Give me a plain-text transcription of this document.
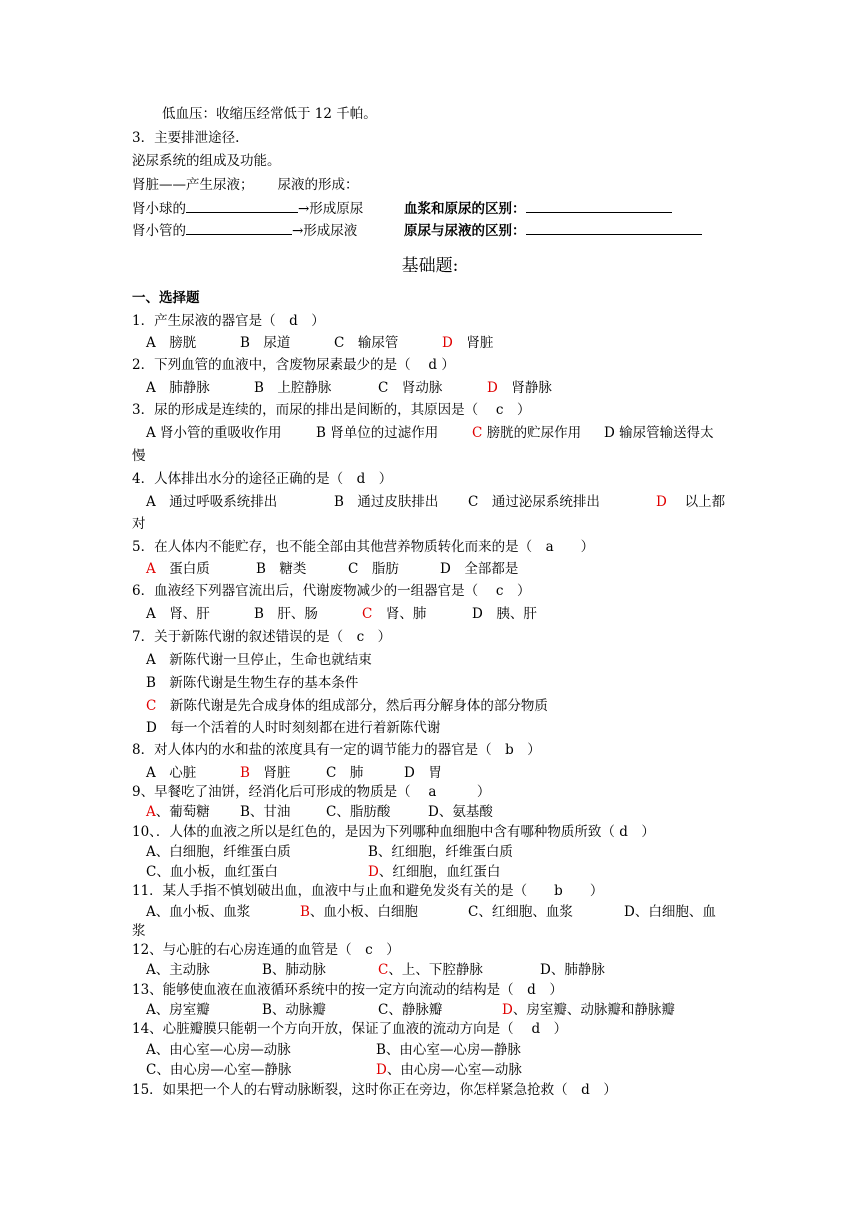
低血压：收缩压经常低于 12 千帕。
3．主要排泄途径.
泌尿系统的组成及功能。
肾脏——产生尿液； 尿液的形成：
肾小球的	→形成原尿	血浆和原尿的区别：
肾小管的	→形成尿液	原尿与尿液的区别：
基础题:
一、选择题
1．产生尿液的器官是（　d　）
A　膀胱	B　尿道	C　输尿管	D　 肾脏
2．下列血管的血液中，含废物尿素最少的是（　 d ）
A　肺静脉	B　上腔静脉	C　肾动脉	D　 肾静脉
3．尿的形成是连续的，而尿的排出是间断的，其原因是（　 c　）
A 肾小管的重吸收作用	B 肾单位的过滤作用	C 膀胱的贮尿作用 D 输尿管输送得太
慢
4．人体排出水分的途径正确的是（　d　）
A　通过呼吸系统排出	B　通过皮肤排出 C　通过泌尿系统排出	D　 以上都
对
5．在人体内不能贮存，也不能全部由其他营养物质转化而来的是（　a　　）
A　 蛋白质	B　糖类	C　脂肪	D　全部都是
6．血液经下列器官流出后，代谢废物减少的一组器官是（　 c　）
A　肾、肝	B　肝、肠	C　 肾、肺	D　胰、肝
7．关于新陈代谢的叙述错误的是（　c　）
A　新陈代谢一旦停止，生命也就结束
B　新陈代谢是生物生存的基本条件
C　 新陈代谢是先合成身体的组成部分，然后再分解身体的部分物质
D　每一个活着的人时时刻刻都在进行着新陈代谢
8．对人体内的水和盐的浓度具有一定的调节能力的器官是（　b　）
A　心脏	B　 肾脏	C　肺	D　胃
9、早餐吃了油饼，经消化后可形成的物质是（　 a　　　）
A、葡萄糖 B、甘油	C、脂肪酸	D、氨基酸
10、．人体的血液之所以是红色的，是因为下列哪种血细胞中含有哪种物质所致（ d　）
A、白细胞，纤维蛋白质	B、红细胞，纤维蛋白质
C、血小板，血红蛋白	D、红细胞，血红蛋白
11．某人手指不慎划破出血，血液中与止血和避免发炎有关的是（　　b　　）
A、血小板、血浆	B、血小板、白细胞	C、红细胞、血浆	D、白细胞、血
浆
12、与心脏的右心房连通的血管是（　c　）
A、主动脉	B、肺动脉	C、上、下腔静脉	D、肺静脉
13、能够使血液在血液循环系统中的按一定方向流动的结构是（　d　）
A、房室瓣	B、动脉瓣	C、静脉瓣	D、房室瓣、动脉瓣和静脉瓣
14、心脏瓣膜只能朝一个方向开放，保证了血液的流动方向是（　 d　）
A、由心室—心房—动脉	B、由心室—心房—静脉
C、由心房—心室—静脉	D、由心房—心室—动脉
15．如果把一个人的右臂动脉断裂，这时你正在旁边，你怎样紧急抢救（　d　）
